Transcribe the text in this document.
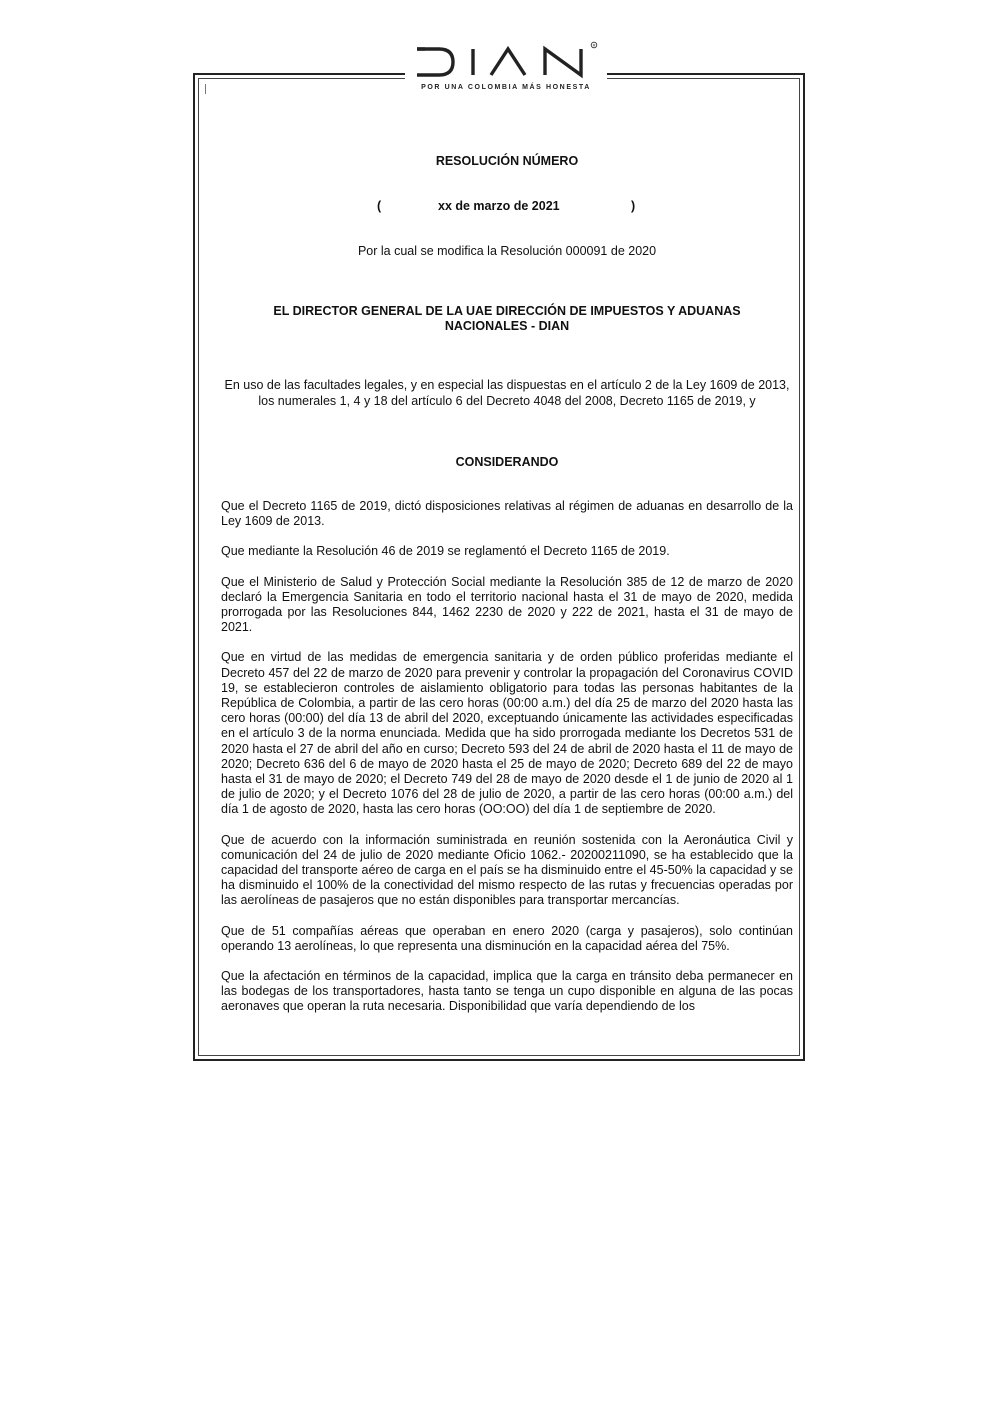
R
POR UNA COLOMBIA MÁS HONESTA
RESOLUCIÓN NÚMERO
(	xx de marzo de 2021	)
Por la cual se modifica la Resolución 000091 de 2020
EL DIRECTOR GENERAL DE LA UAE DIRECCIÓN DE IMPUESTOS Y ADUANAS NACIONALES - DIAN
En uso de las facultades legales, y en especial las dispuestas en el artículo 2 de la Ley 1609 de 2013, los numerales 1, 4 y 18 del artículo 6 del Decreto 4048 del 2008, Decreto 1165 de 2019, y
CONSIDERANDO

Que el Decreto 1165 de 2019, dictó disposiciones relativas al régimen de aduanas en desarrollo de la Ley 1609 de 2013.

Que mediante la Resolución 46 de 2019 se reglamentó el Decreto 1165 de 2019.

Que el Ministerio de Salud y Protección Social mediante la Resolución 385 de 12 de marzo de 2020 declaró la Emergencia Sanitaria en todo el territorio nacional hasta el 31 de mayo de 2020, medida prorrogada por las Resoluciones 844, 1462 2230 de 2020 y 222 de 2021, hasta el 31 de mayo de 2021.

Que en virtud de las medidas de emergencia sanitaria y de orden público proferidas mediante el Decreto 457 del 22 de marzo de 2020 para prevenir y controlar la propagación del Coronavirus COVID 19, se establecieron controles de aislamiento obligatorio para todas las personas habitantes de la República de Colombia, a partir de las cero horas (00:00 a.m.) del día 25 de marzo del 2020 hasta las cero horas (00:00) del día 13 de abril del 2020, exceptuando únicamente las actividades especificadas en el artículo 3 de la norma enunciada. Medida que ha sido prorrogada mediante los Decretos 531 de 2020 hasta el 27 de abril del año en curso; Decreto 593 del 24 de abril de 2020 hasta el 11 de mayo de 2020; Decreto 636 del 6 de mayo de 2020 hasta el 25 de mayo de 2020; Decreto 689 del 22 de mayo hasta el 31 de mayo de 2020; el Decreto 749 del 28 de mayo de 2020 desde el 1 de junio de 2020 al 1 de julio de 2020; y el Decreto 1076 del 28 de julio de 2020, a partir de las cero horas (00:00 a.m.) del día 1 de agosto de 2020, hasta las cero horas (OO:OO) del día 1 de septiembre de 2020.

Que de acuerdo con la información suministrada en reunión sostenida con la Aeronáutica Civil y comunicación del 24 de julio de 2020 mediante Oficio 1062.- 20200211090, se ha establecido que la capacidad del transporte aéreo de carga en el país se ha disminuido entre el 45-50% la capacidad y se ha disminuido el 100% de la conectividad del mismo respecto de las rutas y frecuencias operadas por las aerolíneas de pasajeros que no están disponibles para transportar mercancías.

Que de 51 compañías aéreas que operaban en enero 2020 (carga y pasajeros), solo continúan operando 13 aerolíneas, lo que representa una disminución en la capacidad aérea del 75%.

Que la afectación en términos de la capacidad, implica que la carga en tránsito deba permanecer en las bodegas de los transportadores, hasta tanto se tenga un cupo disponible en alguna de las pocas aeronaves que operan la ruta necesaria. Disponibilidad que varía dependiendo de los
